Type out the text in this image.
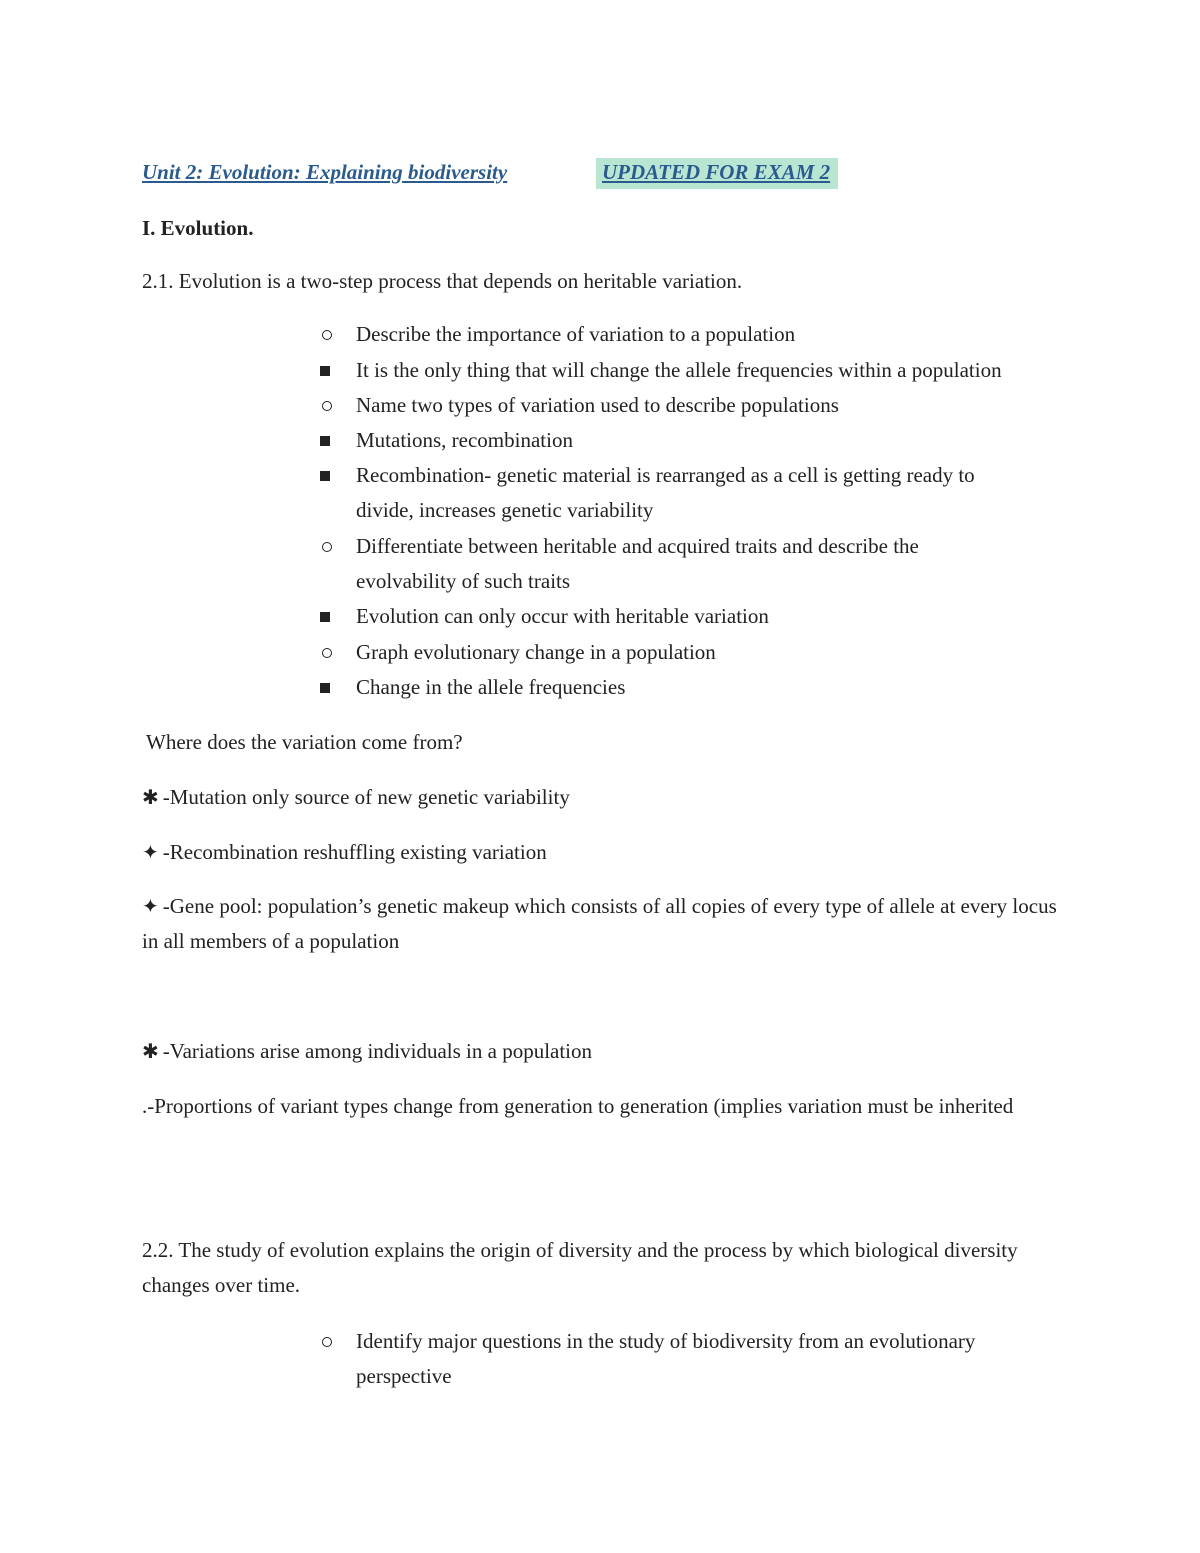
Unit 2: Evolution: Explaining biodiversity	UPDATED FOR EXAM 2
I. Evolution.
2.1. Evolution is a two-step process that depends on heritable variation.
Describe the importance of variation to a population
It is the only thing that will change the allele frequencies within a population
Name two types of variation used to describe populations
Mutations, recombination
Recombination- genetic material is rearranged as a cell is getting ready to divide, increases genetic variability
Differentiate between heritable and acquired traits and describe the evolvability of such traits
Evolution can only occur with heritable variation
Graph evolutionary change in a population
Change in the allele frequencies
Where does the variation come from?
✱ -Mutation only source of new genetic variability
✦ -Recombination reshuffling existing variation
✦ -Gene pool: population’s genetic makeup which consists of all copies of every type of allele at every locus in all members of a population
✱ -Variations arise among individuals in a population
.-Proportions of variant types change from generation to generation (implies variation must be inherited
2.2. The study of evolution explains the origin of diversity and the process by which biological diversity changes over time.
Identify major questions in the study of biodiversity from an evolutionary perspective
